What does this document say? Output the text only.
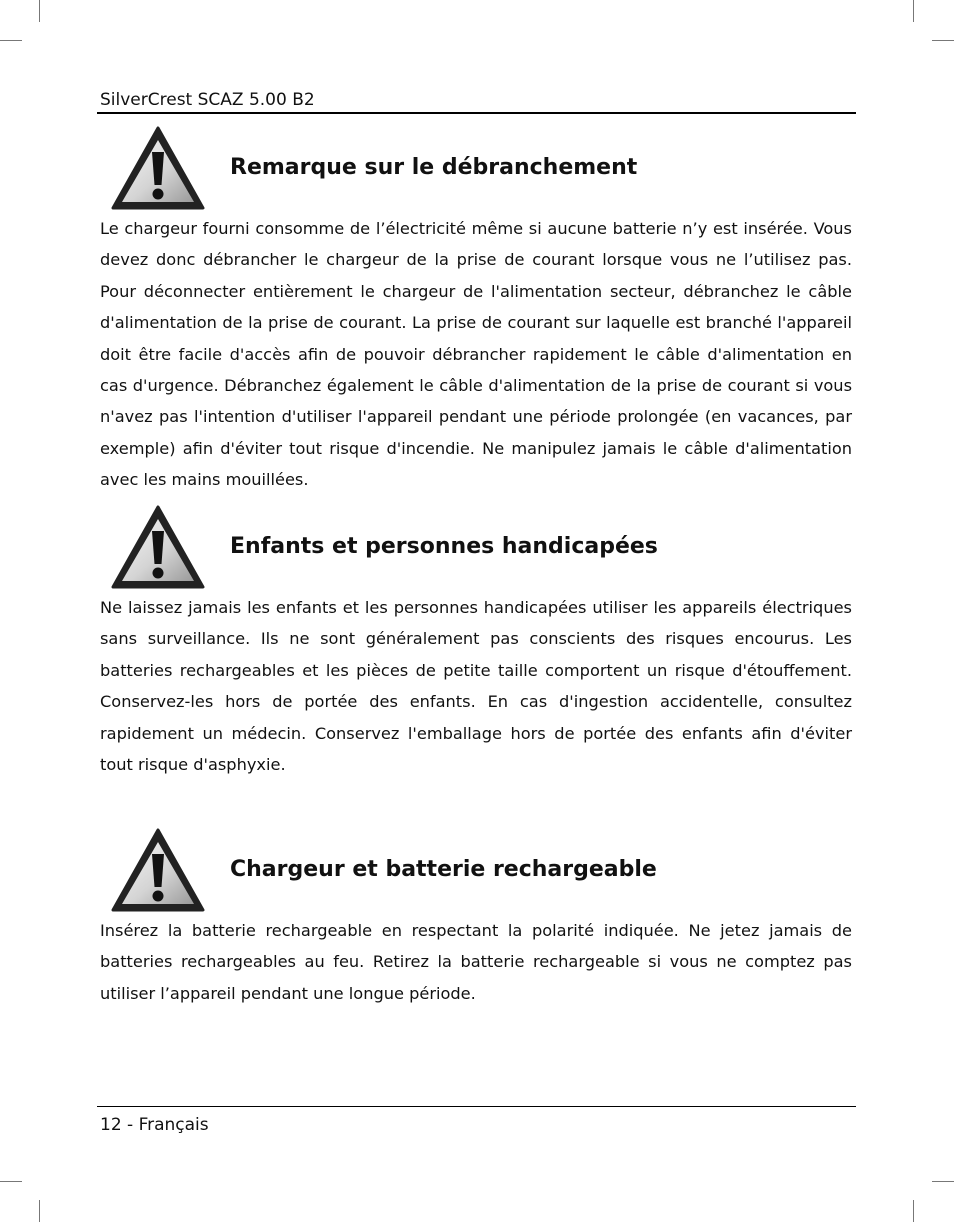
SilverCrest SCAZ 5.00 B2
Remarque sur le débranchement

Le chargeur fourni consomme de l’électricité même si aucune batterie n’y est insérée. Vous devez donc débrancher le chargeur de la prise de courant lorsque vous ne l’utilisez pas. Pour déconnecter entièrement le chargeur de l'alimentation secteur, débranchez le câble d'alimentation de la prise de courant. La prise de courant sur laquelle est branché l'appareil doit être facile d'accès afin de pouvoir débrancher rapidement le câble d'alimentation en cas d'urgence. Débranchez également le câble d'alimentation de la prise de courant si vous n'avez pas l'intention d'utiliser l'appareil pendant une période prolongée (en vacances, par exemple) afin d'éviter tout risque d'incendie. Ne manipulez jamais le câble d'alimentation avec les mains mouillées.

Enfants et personnes handicapées

Ne laissez jamais les enfants et les personnes handicapées utiliser les appareils électriques sans surveillance. Ils ne sont généralement pas conscients des risques encourus. Les batteries rechargeables et les pièces de petite taille comportent un risque d'étouffement. Conservez-les hors de portée des enfants. En cas d'ingestion accidentelle, consultez rapidement un médecin. Conservez l'emballage hors de portée des enfants afin d'éviter tout risque d'asphyxie.

Chargeur et batterie rechargeable

Insérez la batterie rechargeable en respectant la polarité indiquée. Ne jetez jamais de batteries rechargeables au feu. Retirez la batterie rechargeable si vous ne comptez pas utiliser l’appareil pendant une longue période.

12 - Français
